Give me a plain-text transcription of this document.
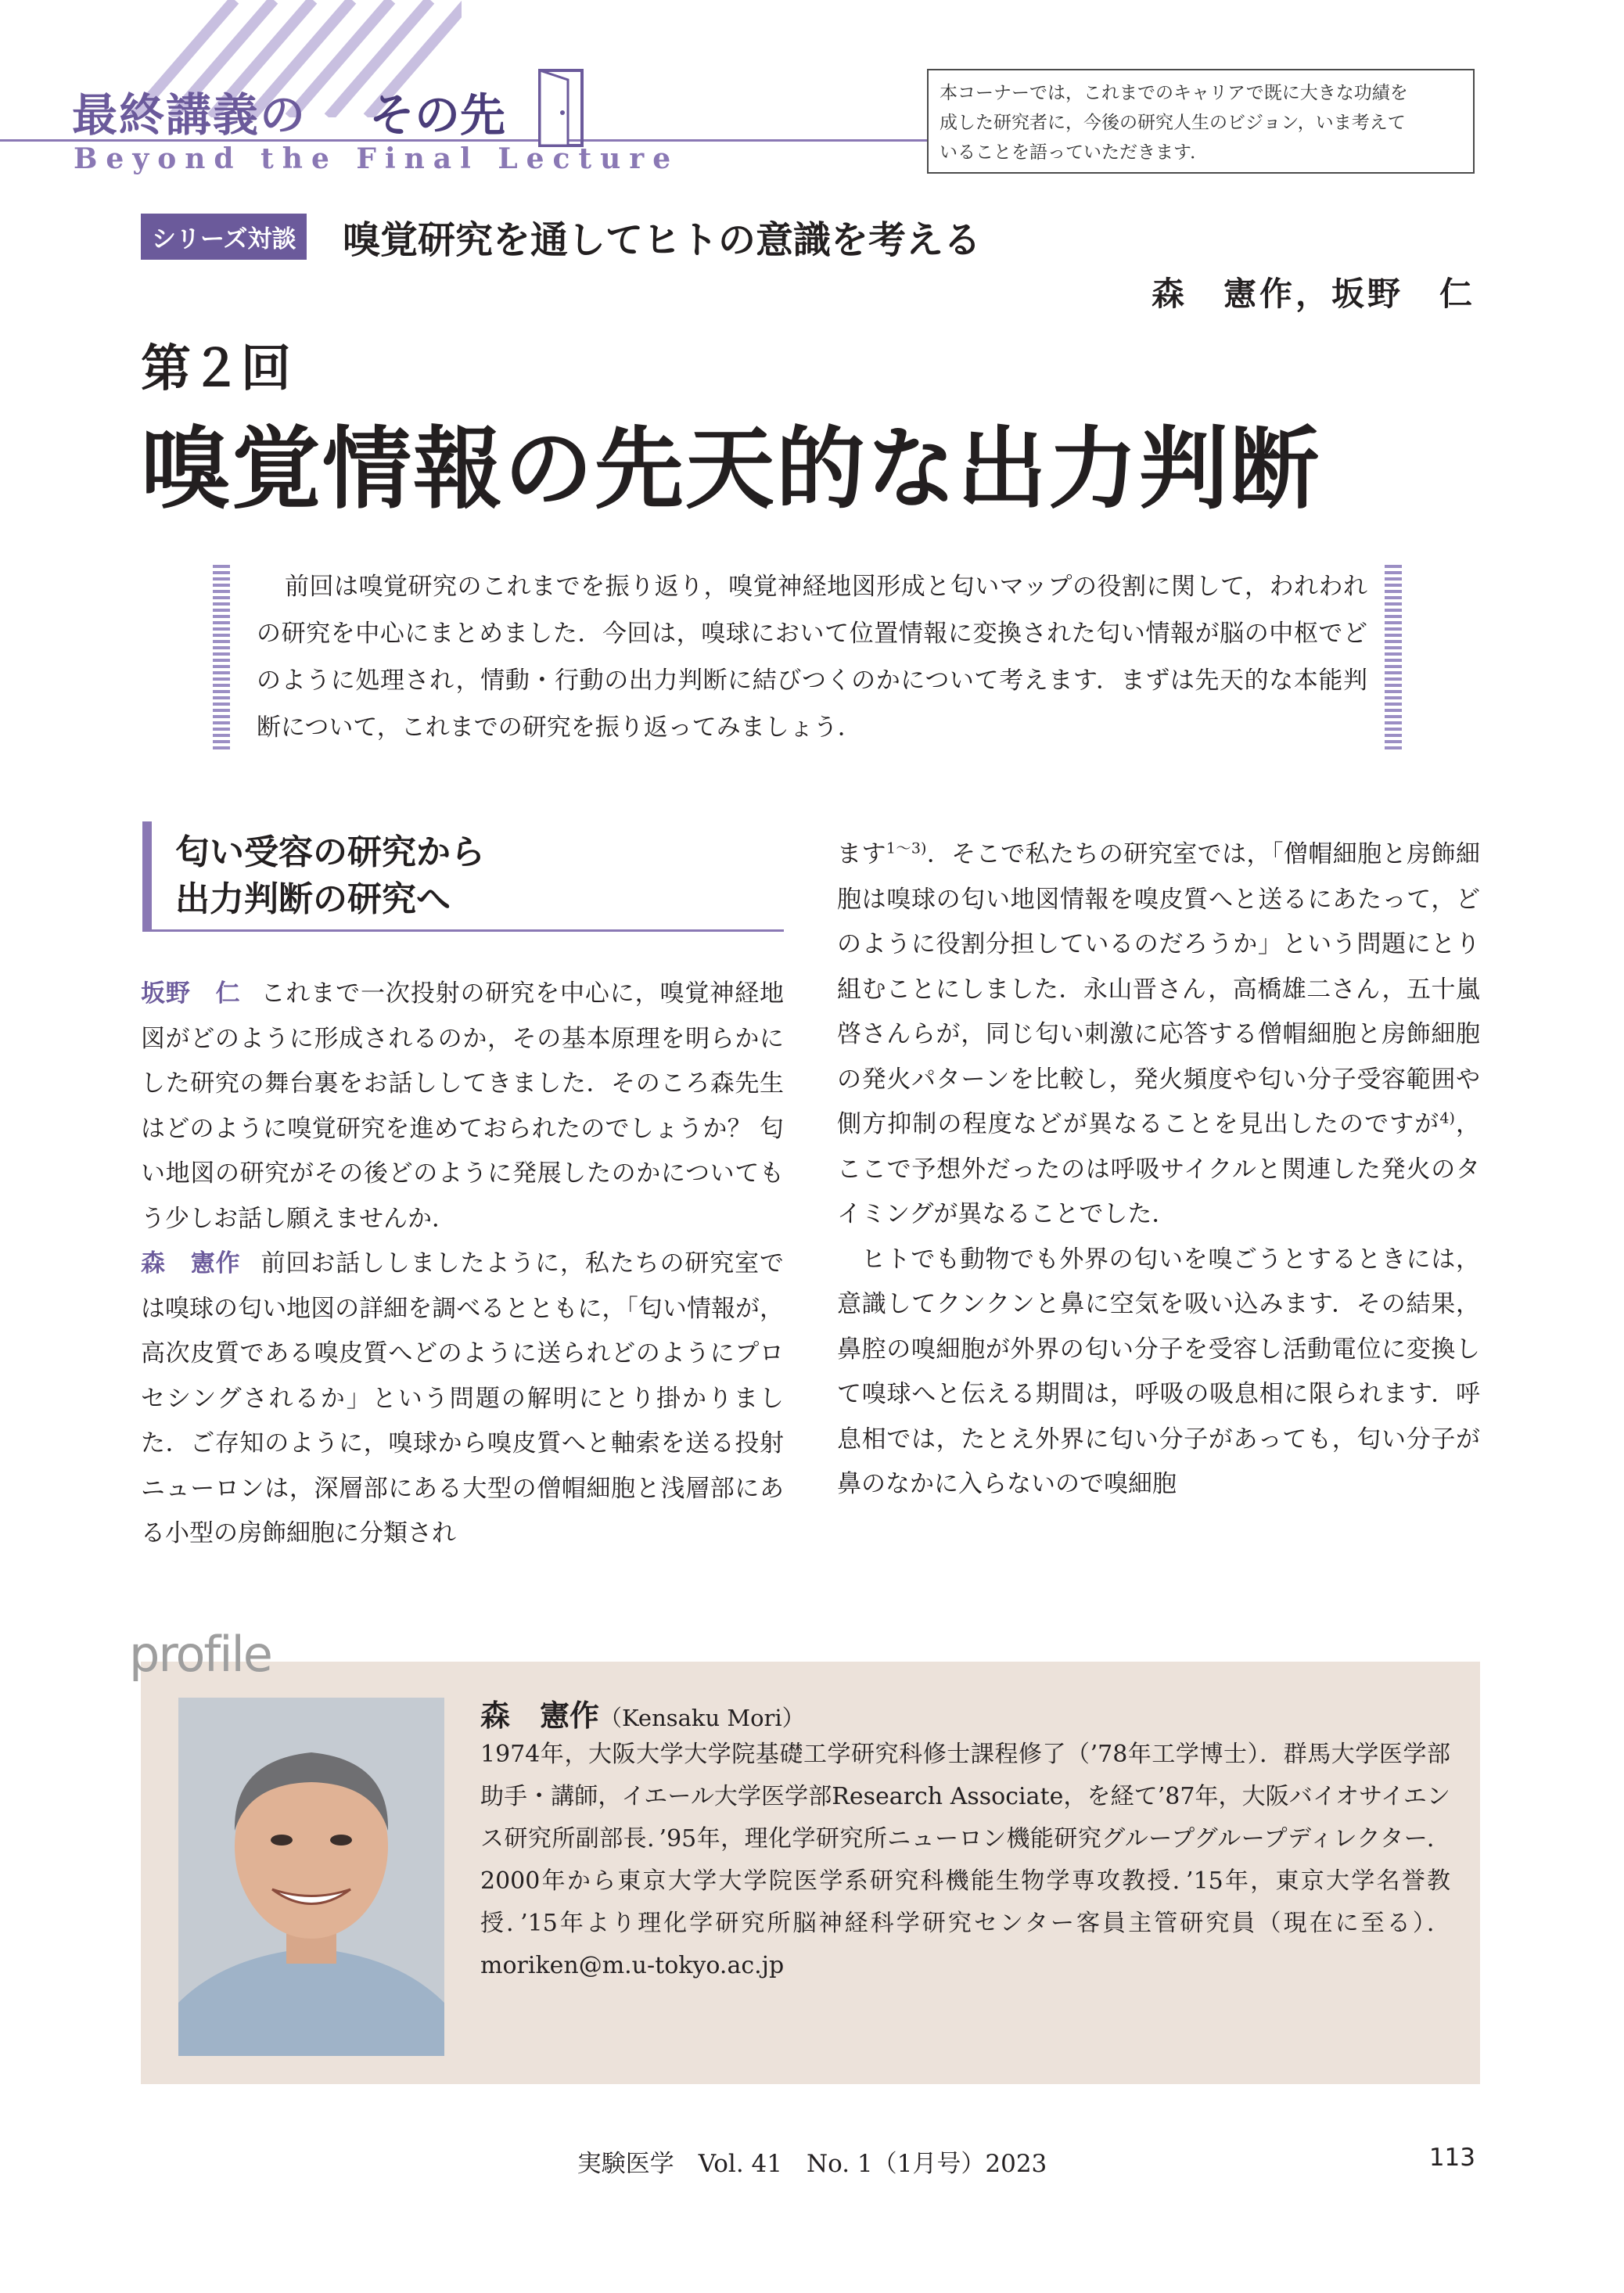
最終講義の その先
Beyond the Final Lecture
本コーナーでは，これまでのキャリアで既に大きな功績を
成した研究者に，今後の研究人生のビジョン，いま考えて
いることを語っていただきます．
シリーズ対談 嗅覚研究を通してヒトの意識を考える
森　憲作，坂野　仁
第２回
嗅覚情報の先天的な出力判断
前回は嗅覚研究のこれまでを振り返り，嗅覚神経地図形成と匂いマップの役割に関して，われわれの研究を中心にまとめました．今回は，嗅球において位置情報に変換された匂い情報が脳の中枢でどのように処理され，情動・行動の出力判断に結びつくのかについて考えます．まずは先天的な本能判断について，これまでの研究を振り返ってみましょう．
匂い受容の研究から
出力判断の研究へ

坂野　仁 これまで一次投射の研究を中心に，嗅覚神経地図がどのように形成されるのか，その基本原理を明らかにした研究の舞台裏をお話ししてきました．そのころ森先生はどのように嗅覚研究を進めておられたのでしょうか？ 匂い地図の研究がその後どのように発展したのかについてもう少しお話し願えませんか．

森　憲作 前回お話ししましたように，私たちの研究室では嗅球の匂い地図の詳細を調べるとともに，「匂い情報が，高次皮質である嗅皮質へどのように送られどのようにプロセシングされるか」という問題の解明にとり掛かりました．ご存知のように，嗅球から嗅皮質へと軸索を送る投射ニューロンは，深層部にある大型の僧帽細胞と浅層部にある小型の房飾細胞に分類され

ます$^{1〜3)}$．そこで私たちの研究室では，「僧帽細胞と房飾細胞は嗅球の匂い地図情報を嗅皮質へと送るにあたって，どのように役割分担しているのだろうか」という問題にとり組むことにしました．永山晋さん，高橋雄二さん，五十嵐啓さんらが，同じ匂い刺激に応答する僧帽細胞と房飾細胞の発火パターンを比較し，発火頻度や匂い分子受容範囲や側方抑制の程度などが異なることを見出したのですが$^{4)}$，ここで予想外だったのは呼吸サイクルと関連した発火のタイミングが異なることでした．

ヒトでも動物でも外界の匂いを嗅ごうとするときには，意識してクンクンと鼻に空気を吸い込みます．その結果，鼻腔の嗅細胞が外界の匂い分子を受容し活動電位に変換して嗅球へと伝える期間は，呼吸の吸息相に限られます．呼息相では，たとえ外界に匂い分子があっても，匂い分子が鼻のなかに入らないので嗅細胞

profile
森　憲作（Kensaku Mori）
1974年，大阪大学大学院基礎工学研究科修士課程修了（’78年工学博士）．群馬大学医学部助手・講師，イエール大学医学部Research Associate，を経て’87年，大阪バイオサイエンス研究所副部長．’95年，理化学研究所ニューロン機能研究グループグループディレクター．2000年から東京大学大学院医学系研究科機能生物学専攻教授．’15年，東京大学名誉教授．’15年より理化学研究所脳神経科学研究センター客員主管研究員（現在に至る）．moriken@m.u-tokyo.ac.jp
実験医学　Vol. 41　No. 1（1月号）2023	113
